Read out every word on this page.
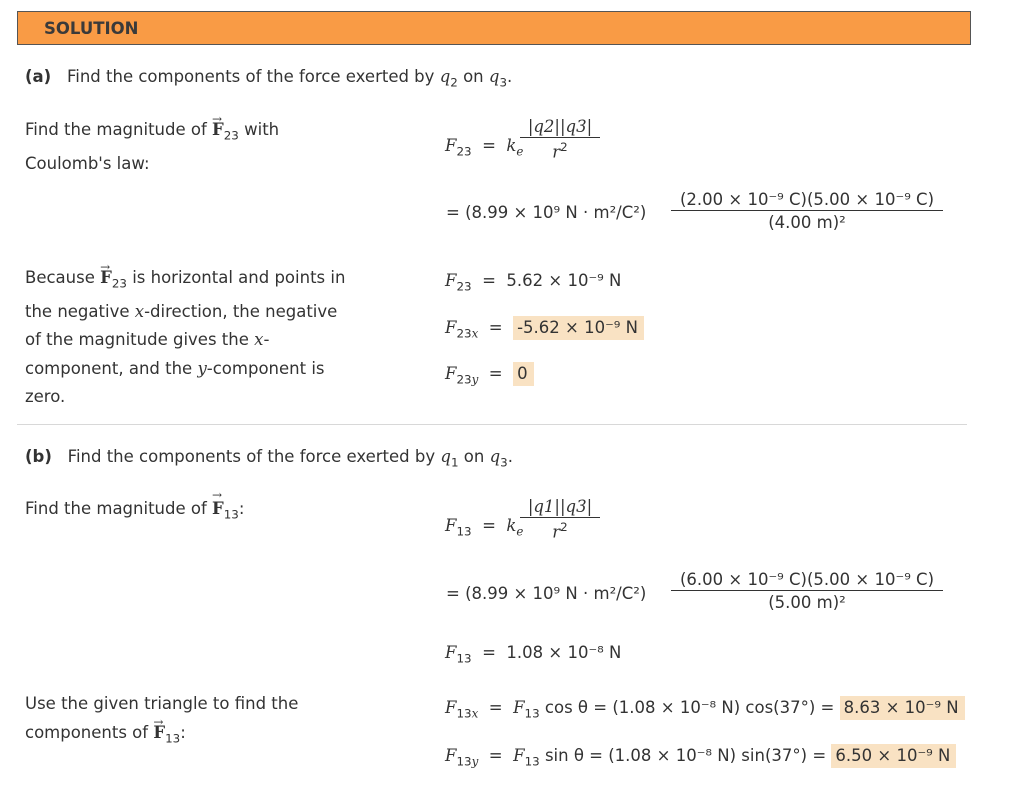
SOLUTION
(a) Find the components of the force exerted by $q_2$ on $q_3$.
Find the magnitude of → $F_{23}$ with
Coulomb's law:
$F_{23} = k_e$
|q2||q3|
$r^2$
= (8.99 × 10⁹ N · m²/C²)
(2.00 × 10⁻⁹ C)(5.00 × 10⁻⁹ C)
(4.00 m)²
$F_{23} = 5.62 \times 10^{-9}$ N
Because → $F_{23}$ is horizontal and points in
the negative x-direction, the negative
of the magnitude gives the x-
component, and the y-component is
zero.
$F_{23x} = -5.62 \times 10^{-9}$ N
$F_{23y} = 0$
(b) Find the components of the force exerted by $q_1$ on $q_3$.
Find the magnitude of → $F_{13}$:
$F_{13} = k_e$
|q1||q3|
$r^2$
= (8.99 × 10⁹ N · m²/C²)
(6.00 × 10⁻⁹ C)(5.00 × 10⁻⁹ C)
(5.00 m)²
$F_{13} = 1.08 \times 10^{-8}$ N
Use the given triangle to find the
components of → $F_{13}$:
$F_{13x} = F_{13}$ cos θ = (1.08 × 10⁻⁸ N) cos(37°) = 8.63 × 10⁻⁹ N
$F_{13y} = F_{13}$ sin θ = (1.08 × 10⁻⁸ N) sin(37°) = 6.50 × 10⁻⁹ N
